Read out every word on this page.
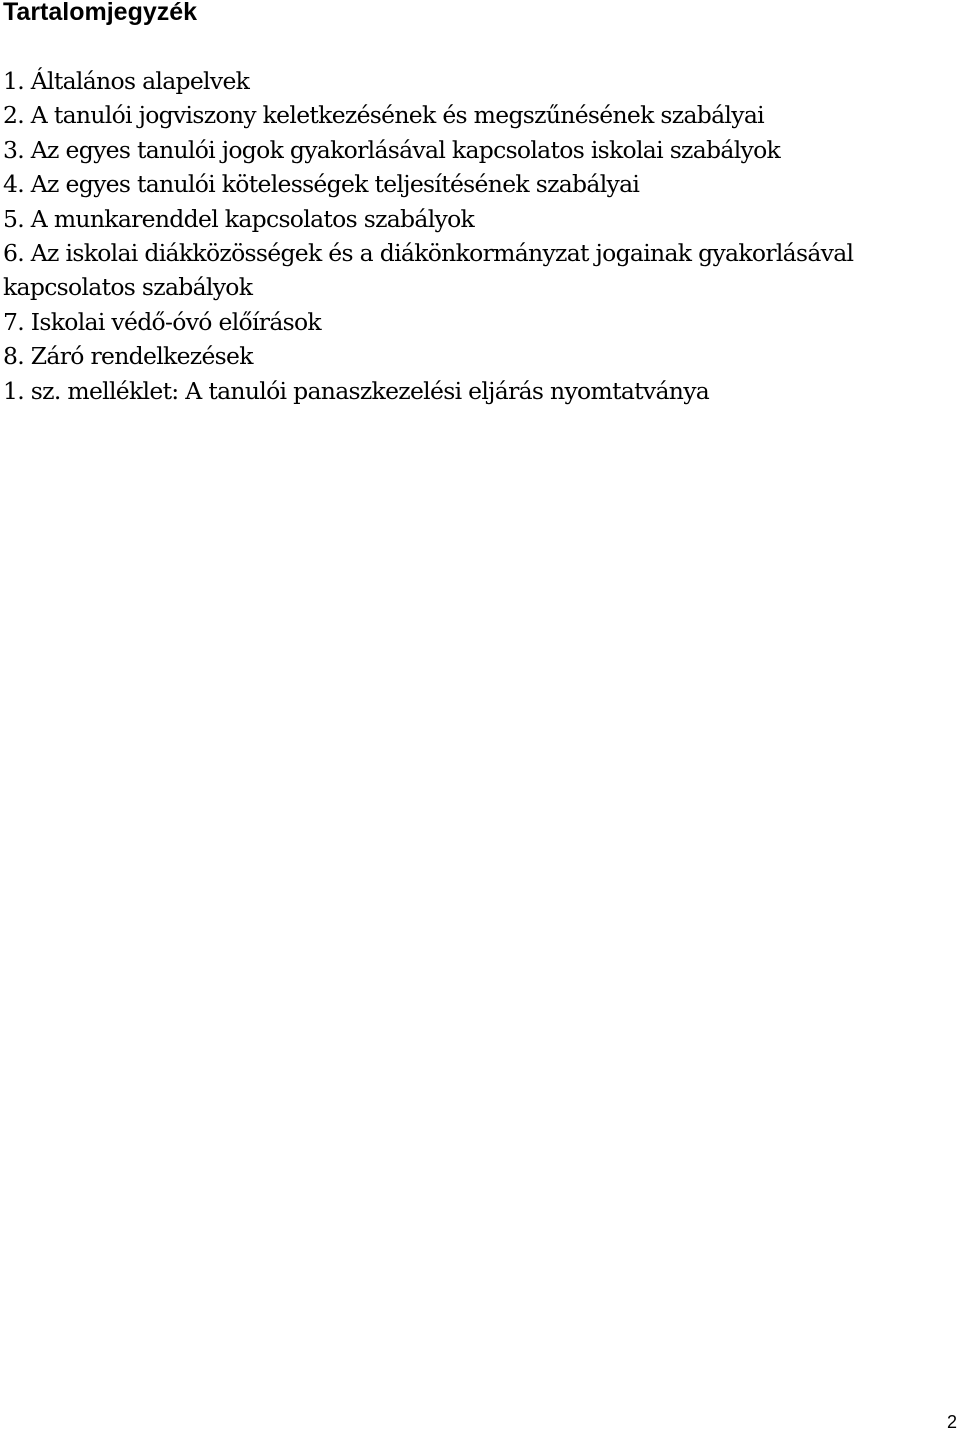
Tartalomjegyzék
1. Általános alapelvek
2. A tanulói jogviszony keletkezésének és megszűnésének szabályai
3. Az egyes tanulói jogok gyakorlásával kapcsolatos iskolai szabályok
4. Az egyes tanulói kötelességek teljesítésének szabályai
5. A munkarenddel kapcsolatos szabályok
6. Az iskolai diákközösségek és a diákönkormányzat jogainak gyakorlásával kapcsolatos szabályok
7. Iskolai védő-óvó előírások
8. Záró rendelkezések
1. sz. melléklet: A tanulói panaszkezelési eljárás nyomtatványa
2
